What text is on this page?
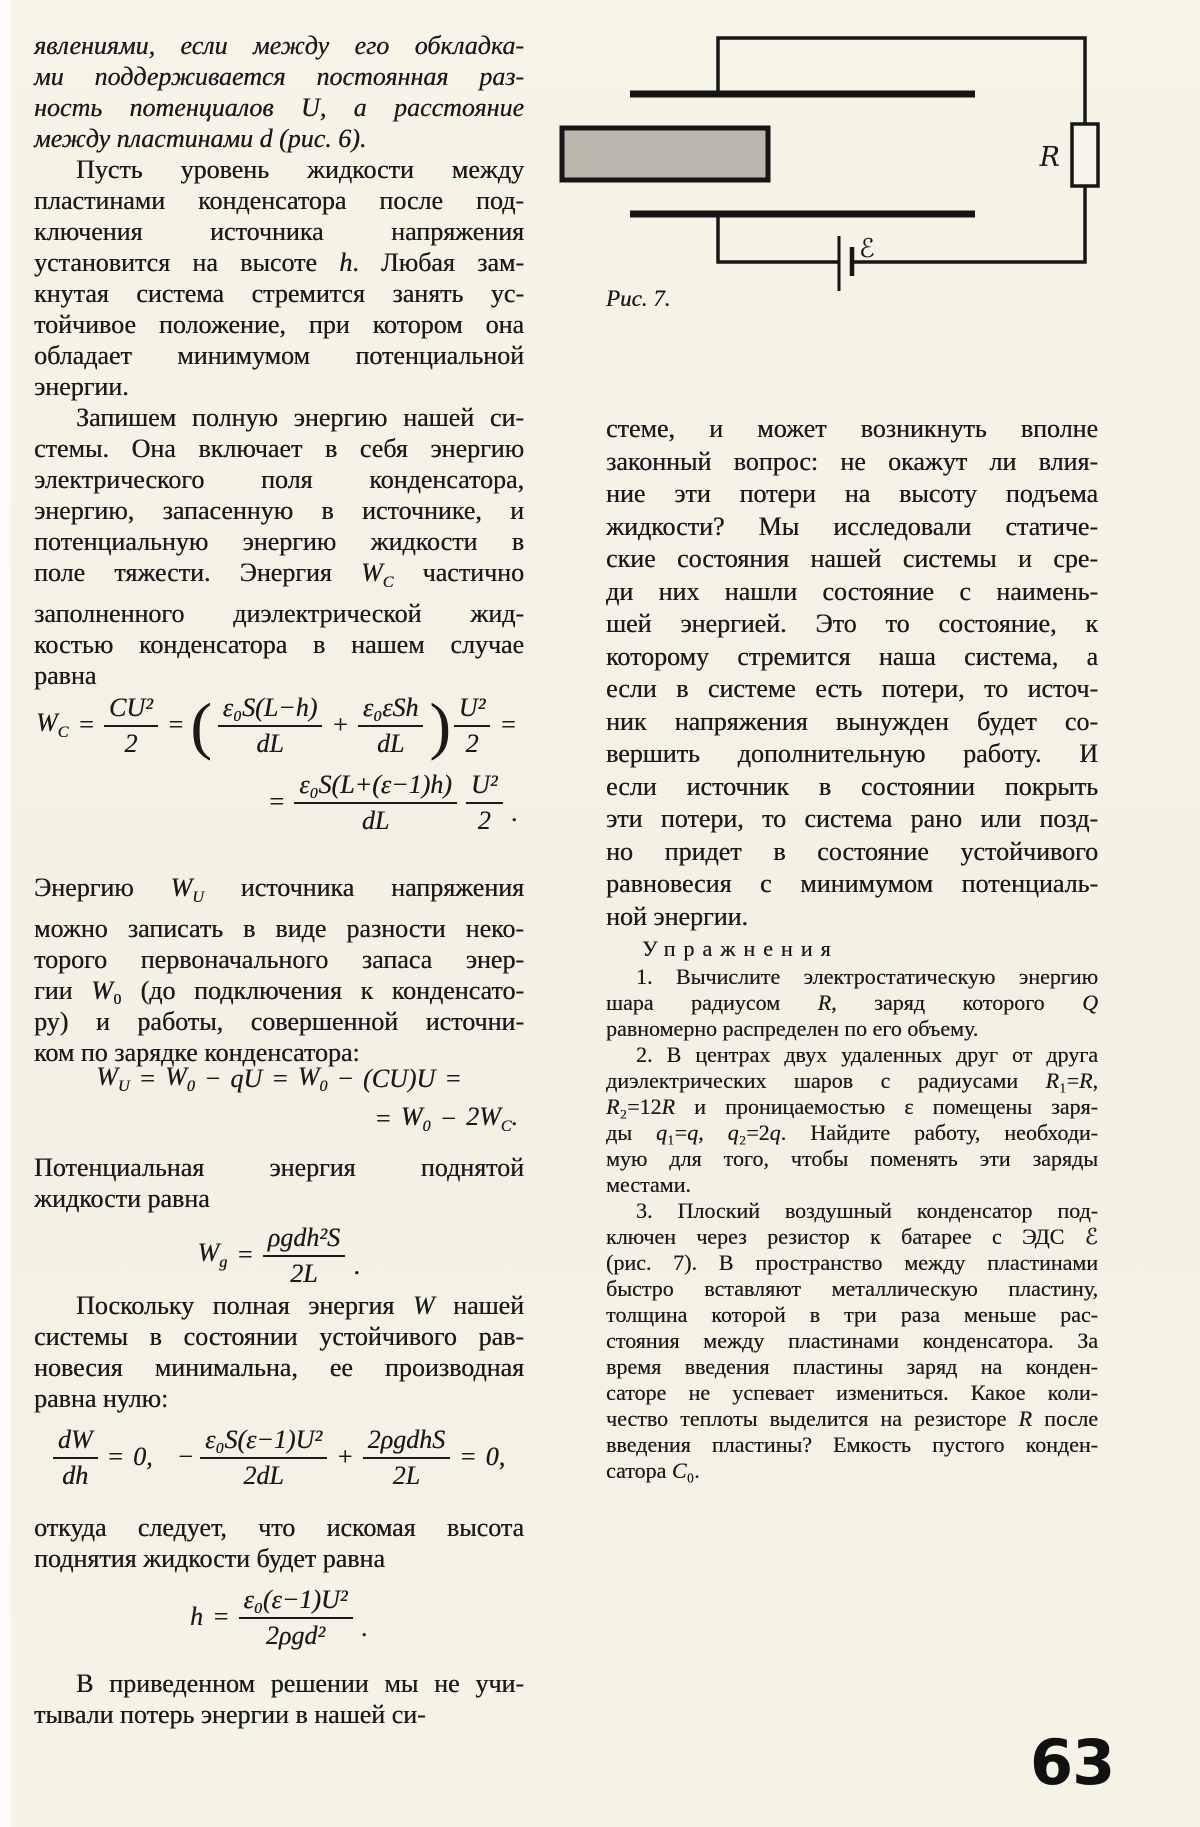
явлениями, если между его обкладка-
ми поддерживается постоянная раз-
ность потенциалов U, а расстояние
между пластинами d (рис. 6).
Пусть уровень жидкости между
пластинами конденсатора после под-
ключения источника напряжения
установится на высоте h. Любая зам-
кнутая система стремится занять ус-
тойчивое положение, при котором она
обладает минимумом потенциальной
энергии.
Запишем полную энергию нашей си-
стемы. Она включает в себя энергию
электрического поля конденсатора,
энергию, запасенную в источнике, и
потенциальную энергию жидкости в
поле тяжести. Энергия $W_C$ частично
заполненного диэлектрической жид-
костью конденсатора в нашем случае
равна
$W_C = \frac{\text{CU²}}{2}$ = ( $\frac{\text{ε₀S(L−h)}}{dL} + \frac{\text{ε₀εSh}}{dL}$ ) $\frac{\text{U²}}{2}$ =
= $\frac{\text{ε₀S(L+(ε−1)h)}}{dL} \frac{\text{U²}}{2}$ .
Энергию $W_U$ источника напряжения
можно записать в виде разности неко-
торого первоначального запаса энер-
гии W₀ (до подключения к конденсато-
ру) и работы, совершенной источни-
ком по зарядке конденсатора:
$W_U = W_0$ − qU = $W_0 - (CU)U$ =
= $W_0 - 2W_C$.
Потенциальная энергия поднятой
жидкости равна
$W_g = \frac{\text{ρgdh²S}}{2L}$ .
Поскольку полная энергия W нашей
системы в состоянии устойчивого рав-
новесия минимальна, ее производная
равна нулю:
$\frac{dW}{dh} = 0$, − $\frac{\text{ε₀S(ε−1)U²}}{2dL} + \frac{\text{2ρgdhS}}{2L} = 0$,
откуда следует, что искомая высота
поднятия жидкости будет равна
$h = \frac{\text{ε₀(ε−1)U²}}{\text{2ρgd²}}$ .
В приведенном решении мы не учи-
тывали потерь энергии в нашей си-
ℰ
R
Рис. 7.
стеме, и может возникнуть вполне
законный вопрос: не окажут ли влия-
ние эти потери на высоту подъема
жидкости? Мы исследовали статиче-
ские состояния нашей системы и сре-
ди них нашли состояние с наимень-
шей энергией. Это то состояние, к
которому стремится наша система, а
если в системе есть потери, то источ-
ник напряжения вынужден будет со-
вершить дополнительную работу. И
если источник в состоянии покрыть
эти потери, то система рано или позд-
но придет в состояние устойчивого
равновесия с минимумом потенциаль-
ной энергии.
Упражнения
1. Вычислите электростатическую энергию
шара радиусом R, заряд которого Q
равномерно распределен по его объему.
2. В центрах двух удаленных друг от друга
диэлектрических шаров с радиусами R₁=R,
R₂=12R и проницаемостью ε помещены заря-
ды q₁=q, q₂=2q. Найдите работу, необходи-
мую для того, чтобы поменять эти заряды
местами.
3. Плоский воздушный конденсатор под-
ключен через резистор к батарее с ЭДС ℰ
(рис. 7). В пространство между пластинами
быстро вставляют металлическую пластину,
толщина которой в три раза меньше рас-
стояния между пластинами конденсатора. За
время введения пластины заряд на конден-
саторе не успевает измениться. Какое коли-
чество теплоты выделится на резисторе R после
введения пластины? Емкость пустого конден-
сатора C₀.
63
